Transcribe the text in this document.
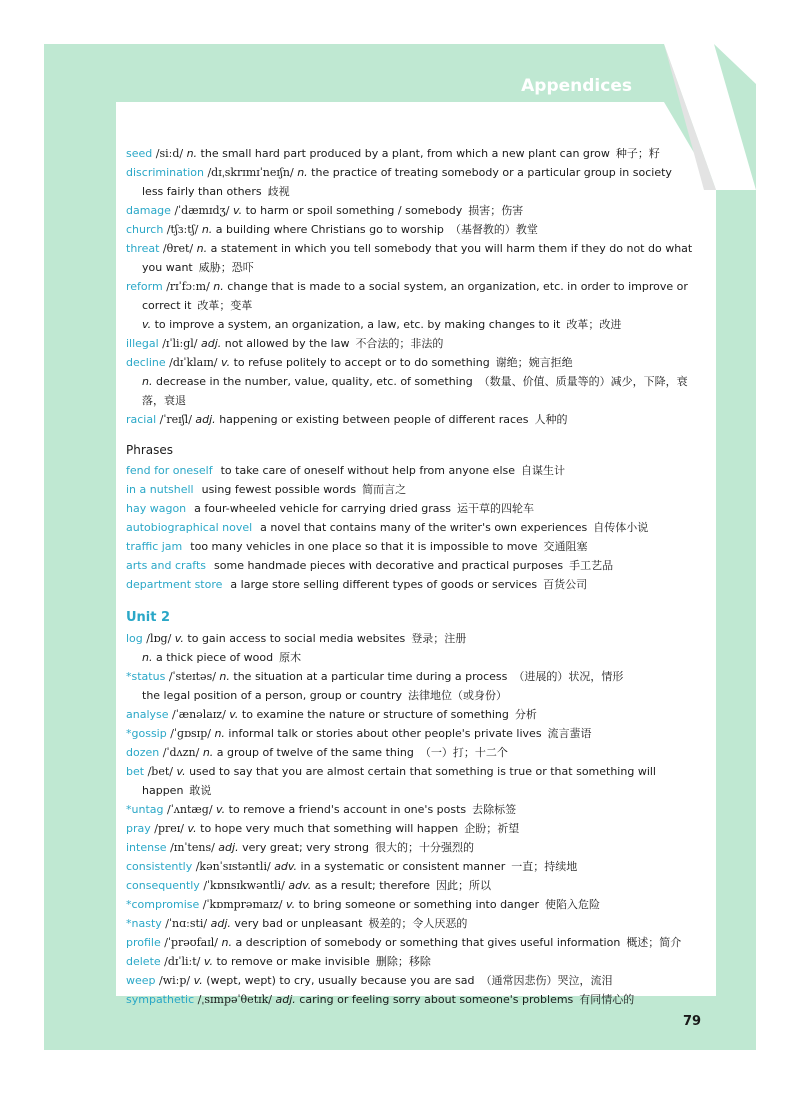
Appendices

seed /siːd/ n. the small hard part produced by a plant, from which a new plant can grow 种子；籽

discrimination /dɪˌskrɪmɪˈneɪʃn/ n. the practice of treating somebody or a particular group in society less fairly than others 歧视

damage /ˈdæmɪdʒ/ v. to harm or spoil something / somebody 损害；伤害

church /tʃɜːtʃ/ n. a building where Christians go to worship （基督教的）教堂

threat /θret/ n. a statement in which you tell somebody that you will harm them if they do not do what you want 威胁；恐吓

reform /rɪˈfɔːm/ n. change that is made to a social system, an organization, etc. in order to improve or correct it 改革；变革

v. to improve a system, an organization, a law, etc. by making changes to it 改革；改进

illegal /ɪˈliːgl/ adj. not allowed by the law 不合法的；非法的

decline /dɪˈklaɪn/ v. to refuse politely to accept or to do something 谢绝；婉言拒绝

n. decrease in the number, value, quality, etc. of something （数量、价值、质量等的）减少，下降，衰落，衰退

racial /ˈreɪʃl/ adj. happening or existing between people of different races 人种的

Phrases

fend for oneself to take care of oneself without help from anyone else 自谋生计

in a nutshell using fewest possible words 简而言之

hay wagon a four-wheeled vehicle for carrying dried grass 运干草的四轮车

autobiographical novel a novel that contains many of the writer's own experiences 自传体小说

traffic jam too many vehicles in one place so that it is impossible to move 交通阻塞

arts and crafts some handmade pieces with decorative and practical purposes 手工艺品

department store a large store selling different types of goods or services 百货公司

Unit 2

log /lɒg/ v. to gain access to social media websites 登录；注册

n. a thick piece of wood 原木

*status /ˈsteɪtəs/ n. the situation at a particular time during a process （进展的）状况，情形

the legal position of a person, group or country 法律地位（或身份）

analyse /ˈænəlaɪz/ v. to examine the nature or structure of something 分析

*gossip /ˈɡɒsɪp/ n. informal talk or stories about other people's private lives 流言蜚语

dozen /ˈdʌzn/ n. a group of twelve of the same thing （一）打；十二个

bet /bet/ v. used to say that you are almost certain that something is true or that something will happen 敢说

*untag /ˈʌntæg/ v. to remove a friend's account in one's posts 去除标签

pray /preɪ/ v. to hope very much that something will happen 企盼；祈望

intense /ɪnˈtens/ adj. very great; very strong 很大的；十分强烈的

consistently /kənˈsɪstəntli/ adv. in a systematic or consistent manner 一直；持续地

consequently /ˈkɒnsɪkwəntli/ adv. as a result; therefore 因此；所以

*compromise /ˈkɒmprəmaɪz/ v. to bring someone or something into danger 使陷入危险

*nasty /ˈnɑːsti/ adj. very bad or unpleasant 极差的；令人厌恶的

profile /ˈprəʊfaɪl/ n. a description of somebody or something that gives useful information 概述；简介

delete /dɪˈliːt/ v. to remove or make invisible 删除；移除

weep /wiːp/ v. (wept, wept) to cry, usually because you are sad （通常因悲伤）哭泣，流泪

sympathetic /ˌsɪmpəˈθetɪk/ adj. caring or feeling sorry about someone's problems 有同情心的

79
